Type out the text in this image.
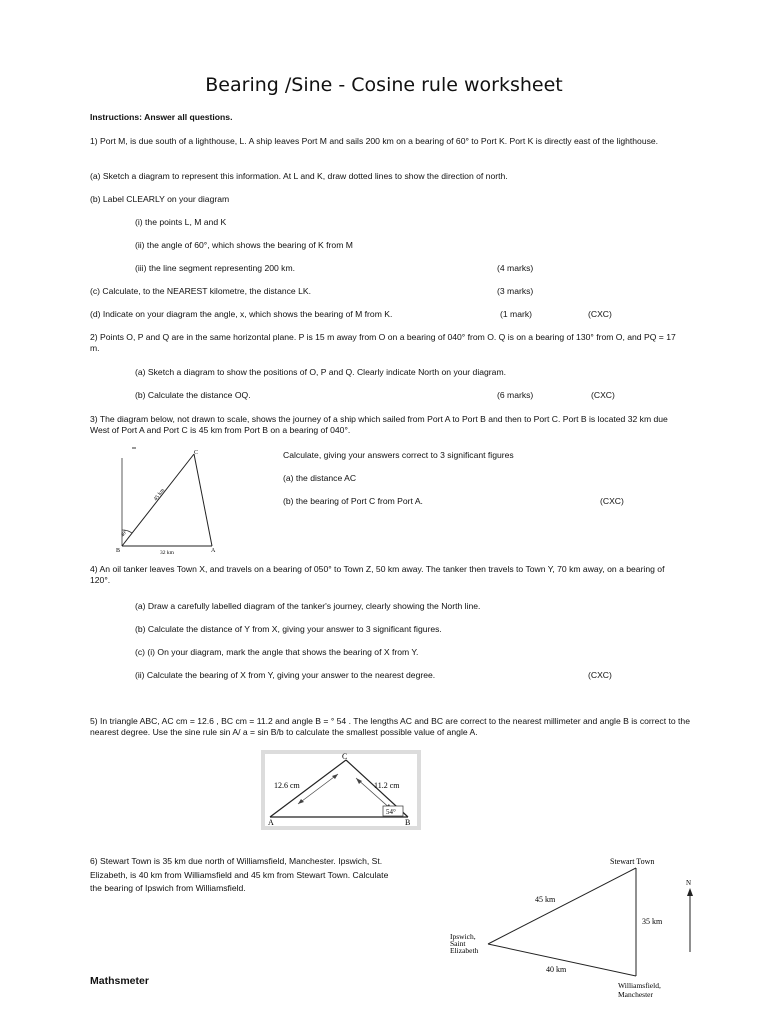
Bearing /Sine - Cosine rule worksheet
Instructions: Answer all questions.
1) Port M, is due south of a lighthouse, L. A ship leaves Port M and sails 200 km on a bearing of 60° to Port K. Port K is directly east of the lighthouse.
(a) Sketch a diagram to represent this information. At L and K, draw dotted lines to show the direction of north.
(b) Label CLEARLY on your diagram
(i) the points L, M and K
(ii) the angle of 60°, which shows the bearing of K from M
(iii) the line segment representing 200 km.	(4 marks)
(c) Calculate, to the NEAREST kilometre, the distance LK.	(3 marks)
(d) Indicate on your diagram the angle, x, which shows the bearing of M from K.	(1 mark)	(CXC)
2) Points O, P and Q are in the same horizontal plane. P is 15 m away from O on a bearing of 040° from O. Q is on a bearing of 130° from O, and PQ = 17 m.
(a) Sketch a diagram to show the positions of O, P and Q. Clearly indicate North on your diagram.
(b) Calculate the distance OQ.	(6 marks)	(CXC)
3) The diagram below, not drawn to scale, shows the journey of a ship which sailed from Port A to Port B and then to Port C. Port B is located 32 km due West of Port A and Port C is 45 km from Port B on a bearing of 040°.
Calculate, giving your answers correct to 3 significant figures
(a) the distance AC
(b) the bearing of Port C from Port A.	(CXC)
C
B	A
45 km
32 km
40°
4) An oil tanker leaves Town X, and travels on a bearing of 050° to Town Z, 50 km away. The tanker then travels to Town Y, 70 km away, on a bearing of 120°.
(a) Draw a carefully labelled diagram of the tanker's journey, clearly showing the North line.
(b) Calculate the distance of Y from X, giving your answer to 3 significant figures.
(c) (i) On your diagram, mark the angle that shows the bearing of X from Y.
(ii) Calculate the bearing of X from Y, giving your answer to the nearest degree.	(CXC)
5) In triangle ABC, AC cm = 12.6 , BC cm = 11.2 and angle B = ° 54 . The lengths AC and BC are correct to the nearest millimeter and angle B is correct to the nearest degree. Use the sine rule sin A/ a = sin B/b to calculate the smallest possible value of angle A.
C
A	B
12.6 cm	11.2 cm
54°
6) Stewart Town is 35 km due north of Williamsfield, Manchester. Ipswich, St. Elizabeth, is 40 km from Williamsfield and 45 km from Stewart Town. Calculate the bearing of Ipswich from Williamsfield.
Stewart Town
N
45 km
35 km
40 km
Ipswich,
Saint
Elizabeth
Williamsfield,
Manchester
Mathsmeter
